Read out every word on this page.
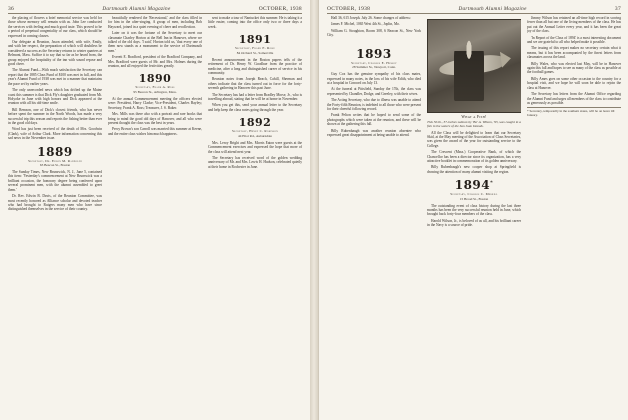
36	Dartmouth Alumni Magazine	OCTOBER, 1938

the placing of flowers a brief memorial service was held for those whose memory will remain with us. John Lee conducted the services with feeling and much good taste. This proved to be a period of perpetual congeniality of our class, which should be expressed in coming classes.

Our delegate at Reunion, Jason attended, with wife, Emily, and with her respect, the preparation of which will doubtless be considered a success as the Secretary returns to winter quarters at Belmont, Mass. Suffice it to say that so far as he heard from, the group enjoyed the hospitality of the inn with sound repose and good cheer.

The Alumni Fund—With much satisfaction the Secretary can report that the 1885 Class Fund of $100 was met in full, and this year's Alumni Fund of 1938 was met in a manner that maintains the pace set by earlier years.

The only unrecorded news which has drifted up the Maine coast this summer is that Dick Fly's daughter graduated from Mt. Holyoke in June with high honors and Dick appeared at the reunion with all his old-time smile.

Bill Remson, one of Dick's closest friends, who has never before spent the summer in the North Woods, has made a very successful trip this season and reports the fishing better than ever in the good old days.

Word has just been received of the death of Mrs. Goodwin (Clark), wife of Arthur Clark. More information concerning this sad news in the November issue.

1889
Secretary, Dr. Edwin M. Randolph
63 Beacon St., Boston

The Sunday Times, New Brunswick, N. J., June 5, contained this item: 'Yesterday's commencement at New Brunswick was a brilliant occasion, the honorary degree being conferred upon several prominent men, with the alumni assembled to greet them.'

Dr. Rev. Edwin B. Davis, of the Reunion Committee, was most recently honored as Alliance scholar and devoted teacher who had brought to Rutgers many men who have since distinguished themselves in the service of their country.

beautifully rendered the 'Recessional,' and the class filled in for him in the after-singing. A group of men, including Bob Hayward, joined in a quiet evening of cheer and recollection.

Later on it was the fortune of the Secretary to meet our classmate Charley Horton at the Bell Inn in Hanover, where we talked of the old days. 'I said,' Horton told us, 'that every one of them now stands as a monument to the service of Dartmouth men.'

Everett E. Bradford, president of the Bradford Company, and Mrs. Bradford were guests of Mr. and Mrs. Holmes during the reunion, and all enjoyed the festivities greatly.

1890
Secretary, Frank A. Ross
95 Beacon St., Arlington, Mass.

At the annual Commencement meeting the officers elected were: President, Harry Clarke; Vice-President, Charles Bayley; Secretary, Frank A. Ross; Treasurer, J. S. Baker.

Mrs. Mills was there also with a portrait and rare books that bring to mind the good old days of Hanover, and all who were present thought the class was the best in years.

Percy Brown's son Carroll was married this summer at Keene, and the entire class wishes him much happiness.

sent to make a tour of Nantucket this summer. He is taking it a little easier, coming into the office only two or three days a week.

1891
Secretary, Frank E. Rowe
84 Orchard St., Somerville

Recent announcement in the Boston papers tells of the retirement of Dr. Henry W. Goodhue from the practice of medicine, after a long and distinguished career of service in his community.

Reunion notes from Joseph Reach, Cahill, Sherman and others indicate that the class turned out in force for the forty-seventh gathering in Hanover this past June.

The Secretary has had a letter from Bradley Morse, Jr., who is travelling abroad, stating that he will be at home in November.

When you get this, send your annual letter to the Secretary and help keep the class notes going through the year.

1892
Secretary, Henry C. Robinson
44 Eliot Rd., Auburndale

Mrs. Leroy Bright and Mrs. Morris Eaton were guests at the Commencement exercises and expressed the hope that more of the class will attend next year.

The Secretary has received word of the golden wedding anniversary of Mr. and Mrs. Lewis H. Hudson, celebrated quietly at their home in Rochester in June.

OCTOBER, 1938	Dartmouth Alumni Magazine	37

Hall 36, 615 Joseph. July 26. Some changes of address:

James F. Michel, 1065 West 4th St., Joplin, Mo.

William G. Stoughton, Room 308, 6 Beacon St., New York City.

1893
Secretary, Charles E. Hussey
28 Summer St., Newport, Conn.

Guy Cox has the genuine sympathy of his class mates, expressed in many notes, in the loss of his wife Edith, who died at a hospital in Concord on July 13.

At the funeral at Pittsfield, Sunday the 17th, the class was represented by Chandler, Dodge, and Greeley, with their wives.

The Acting Secretary, who due to illness was unable to attend the Forty-fifth Reunion, is indebted to all those who were present for their cheerful following record.

Frank Pelton writes that he hoped to send some of the photographs which were taken at the reunion, and these will be shown at the gathering this fall.

Billy Rubenbaugh was another reunion absentee who expressed great disappointment at being unable to attend.

What a Fish!
This 50-lb., 37-inches salmon by 'Bo' A. Wilson, '93, was caught in a fish in the waters of the San Juan Islands.

All the Class will be delighted to learn that our Secretary Skid, at the May meeting of the Association of Class Secretaries, was given the award of the year for outstanding service to the College.

The Crescent (Mass.) Cooperative Bank, of which the Chancellor has been a director since its organization, has a very attractive booklet in commemoration of its golden anniversary.

Billy Rubenbaugh's new cooper shop at Springfield is drawing the attention of many alumni visiting the region.

1894*
Secretary, Charles C. Merrill
15 Broad St., Boston

The outstanding event of class history during the last three months has been the very successful reunion held in June, which brought back forty-four members of the class.

Harold Wilson, Jr., is beloved of us all, and his brilliant career in the Navy is a source of pride.

Jimmy Wilson has retained an all-time high record in scoring fewer than all but one of the living members of the class. He has put out the Annual Letter every year, and it has been the great joy of the class.

'In Report of the Class of 1894' is a most interesting document and we are grateful to all who helped make it possible.

The issuing of this report makes no secretary certain what it means, but it has been accompanied by the finest letters from classmates across the land.

Billy Wales, who was elected last May, will be in Hanover again this fall and hopes to see as many of the class as possible at the football games.

Billy Ames goes on some other occasion to the country for a hospital visit, and we hope he will soon be able to rejoin the class at Hanover.

The Secretary has letters from the Alumni Office regarding the Alumni Fund and urges all members of the class to contribute as generously as possible.

* Secretary, temporarily in the southern states, will be on leave till January.
